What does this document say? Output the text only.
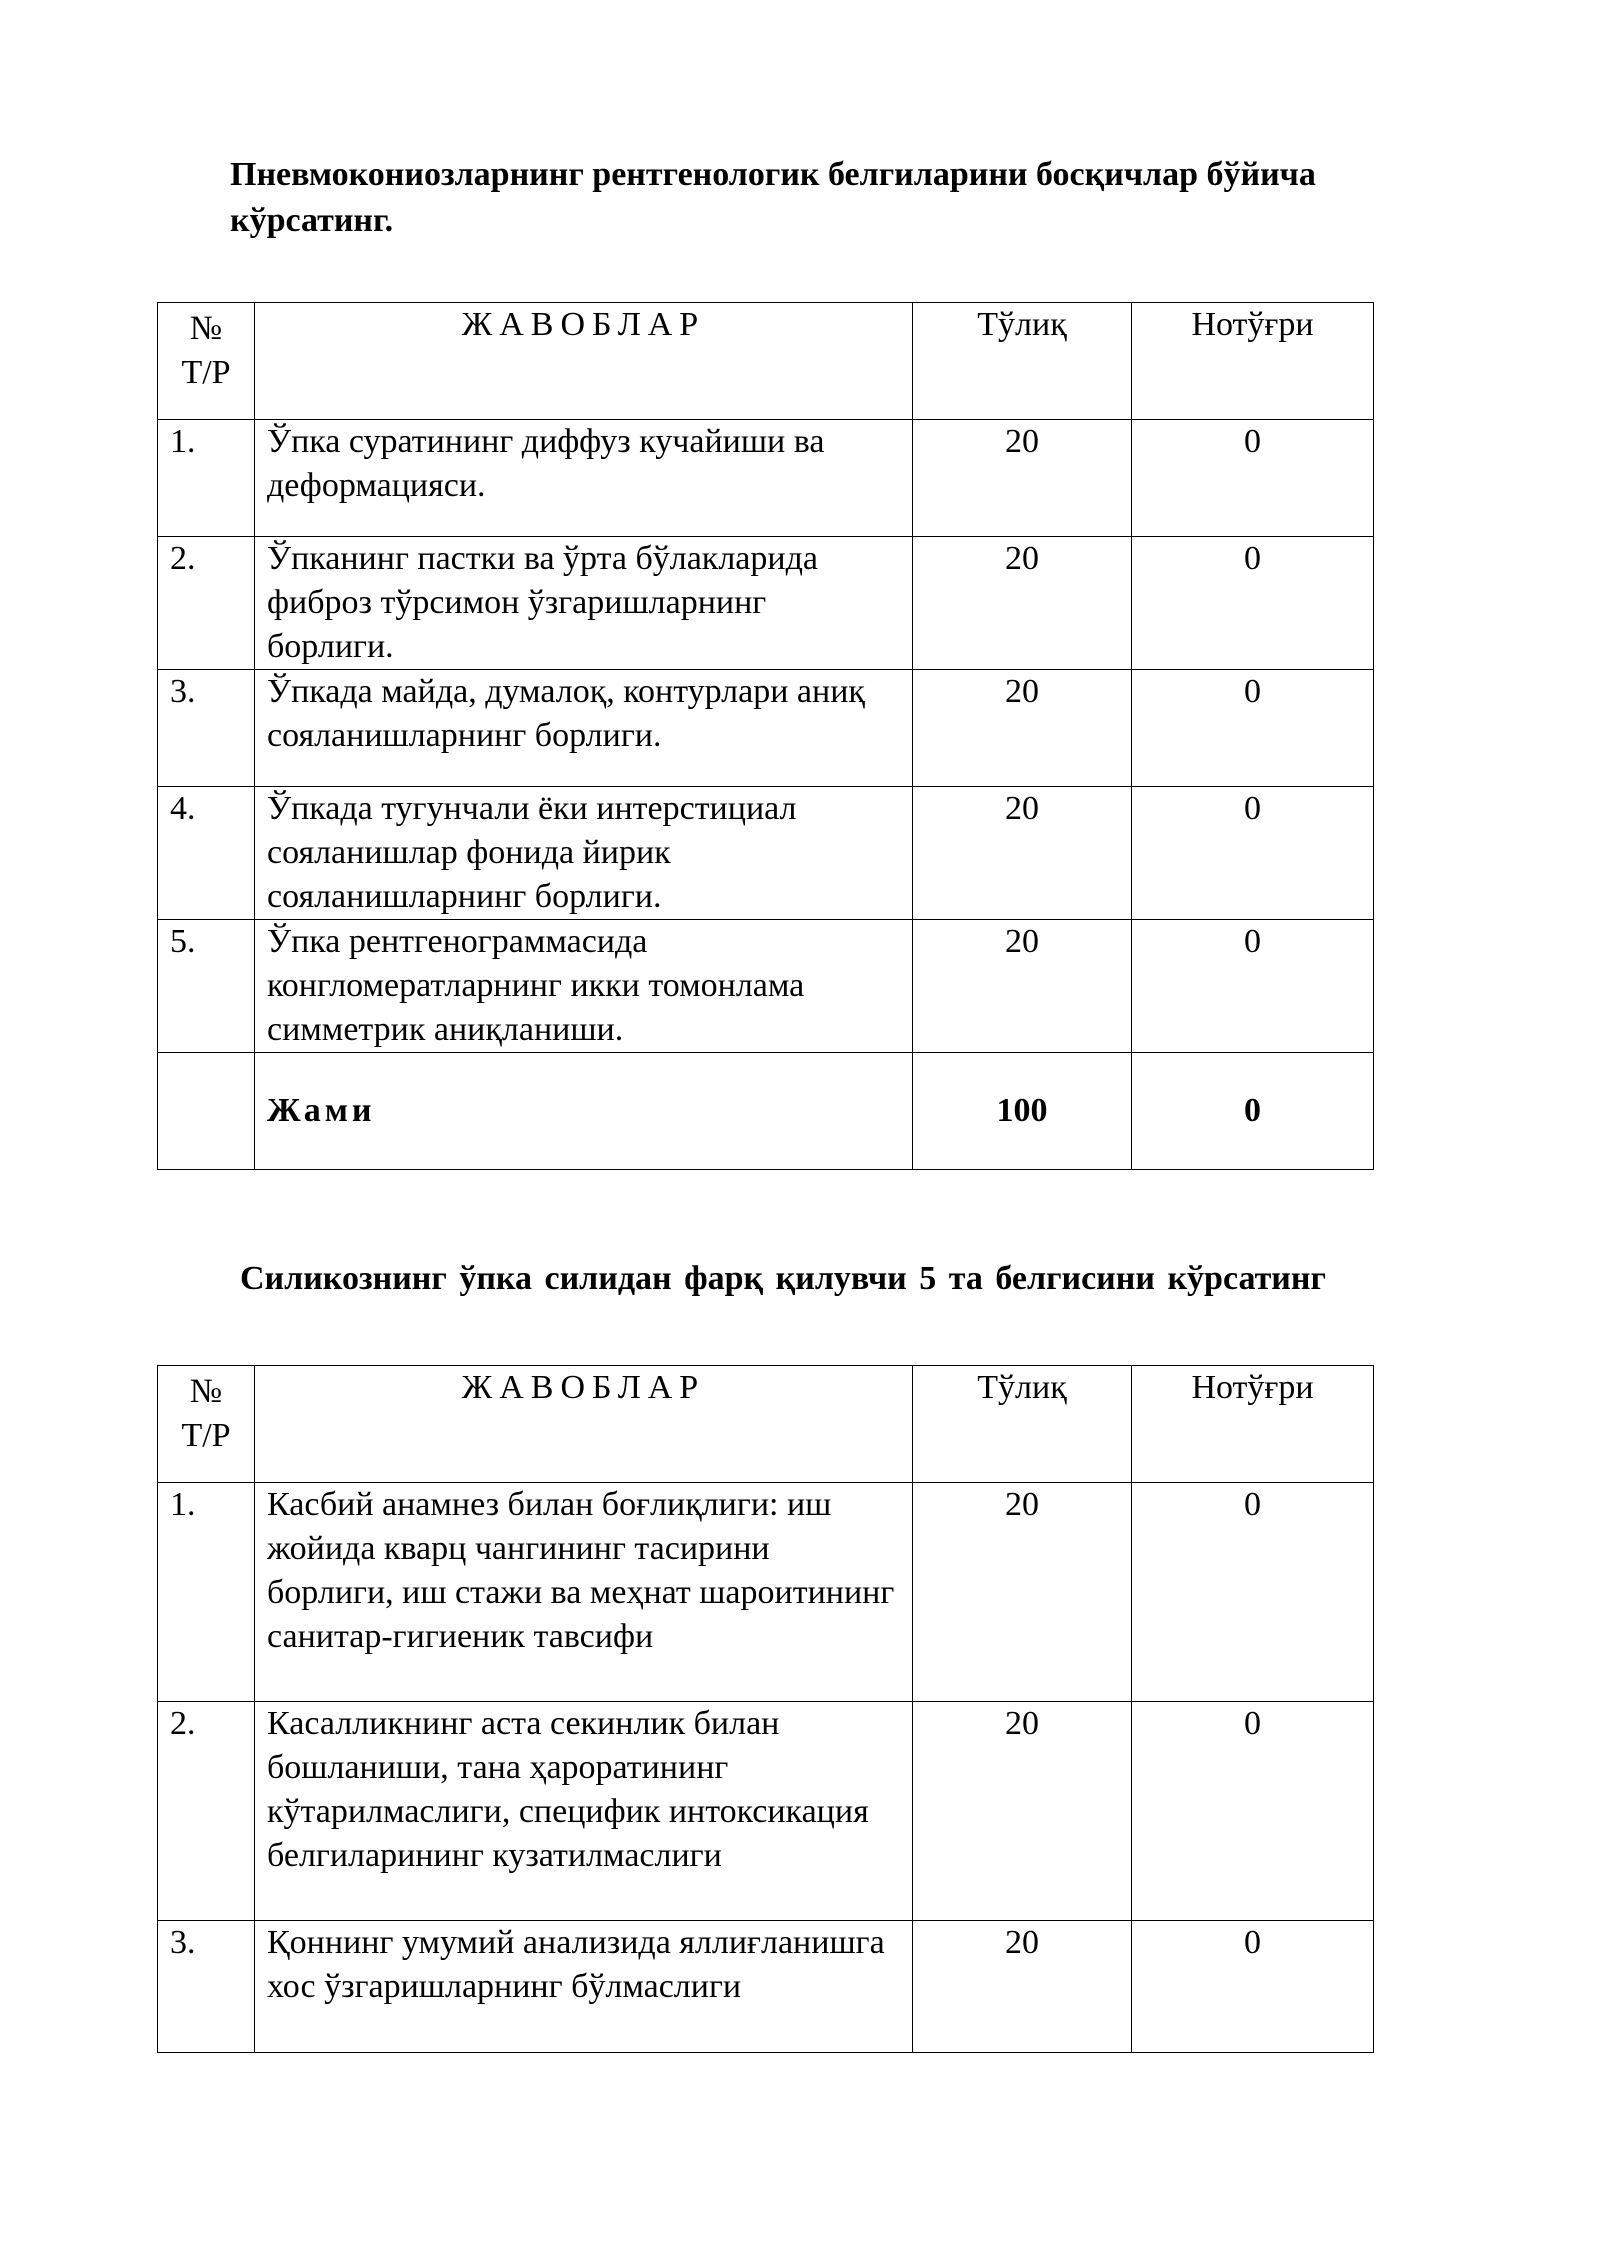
Пневмокониозларнинг рентгенологик белгиларини босқичлар бўйича
кўрсатинг.
№
Т/Р	ЖАВОБЛАР	Тўлиқ	Нотўғри
1.	Ўпка суратининг диффуз кучайиши ва деформацияси.	20	0
2.	Ўпканинг пастки ва ўрта бўлакларида фиброз тўрсимон ўзгаришларнинг борлиги.	20	0
3.	Ўпкада майда, думалоқ, контурлари аниқ сояланишларнинг борлиги.	20	0
4.	Ўпкада тугунчали ёки интерстициал сояланишлар фонида йирик сояланишларнинг борлиги.	20	0
5.	Ўпка рентгенограммасида конгломератларнинг икки томонлама симметрик аниқланиши.	20	0
	Жами	100	0
Силикознинг ўпка силидан фарқ қилувчи 5 та белгисини кўрсатинг
№
Т/Р	ЖАВОБЛАР	Тўлиқ	Нотўғри
1.	Касбий анамнез билан боғлиқлиги: иш жойида кварц чангининг тасирини борлиги, иш стажи ва меҳнат шароитининг санитар-гигиеник тавсифи	20	0
2.	Касалликнинг аста секинлик билан бошланиши, тана ҳароратининг кўтарилмаслиги, специфик интоксикация белгиларининг кузатилмаслиги	20	0
3.	Қоннинг умумий анализида яллиғланишга хос ўзгаришларнинг бўлмаслиги	20	0
